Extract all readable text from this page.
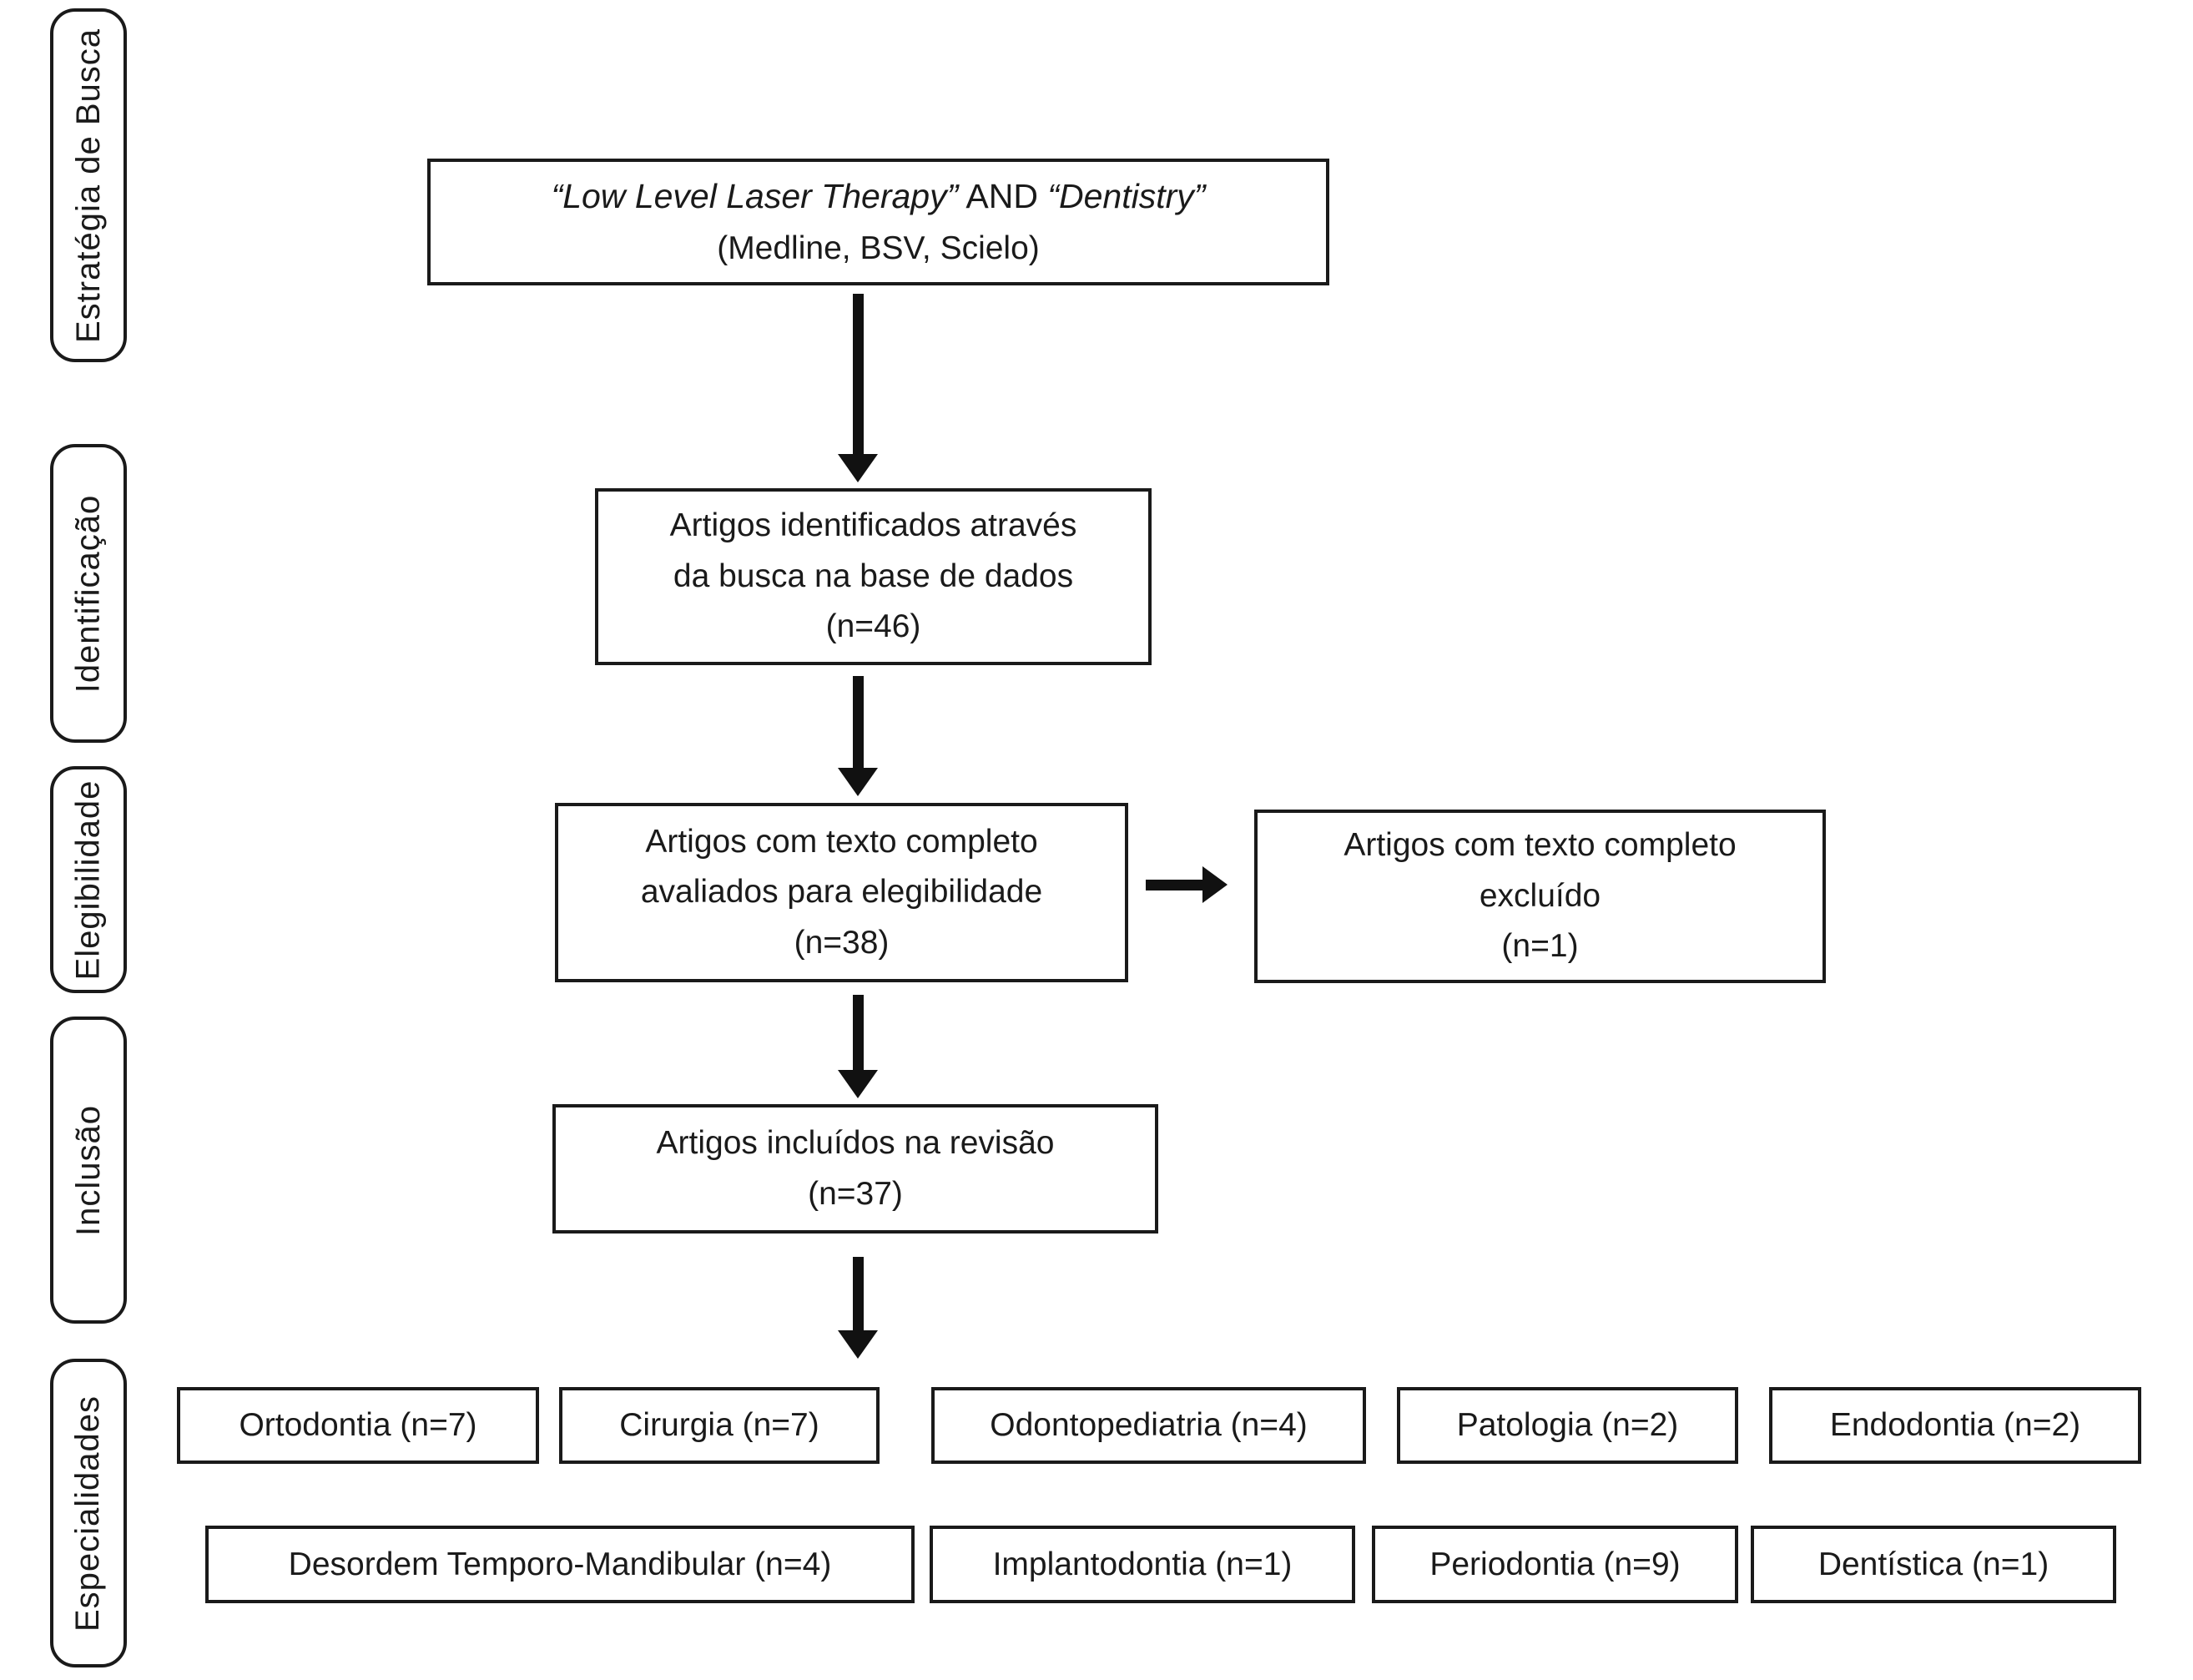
Estratégia de Busca
Identificação
Elegibilidade
Inclusão
Especialidades
“Low Level Laser Therapy” AND “Dentistry”
(Medline, BSV, Scielo)
Artigos identificados através
da busca na base de dados
(n=46)
Artigos com texto completo
avaliados para elegibilidade
(n=38)
Artigos com texto completo
excluído
(n=1)
Artigos incluídos na revisão
(n=37)
Ortodontia (n=7)	Cirurgia (n=7)	Odontopediatria (n=4)	Patologia (n=2)	Endodontia (n=2)
Desordem Temporo-Mandibular (n=4)	Implantodontia (n=1)	Periodontia (n=9)	Dentística (n=1)
